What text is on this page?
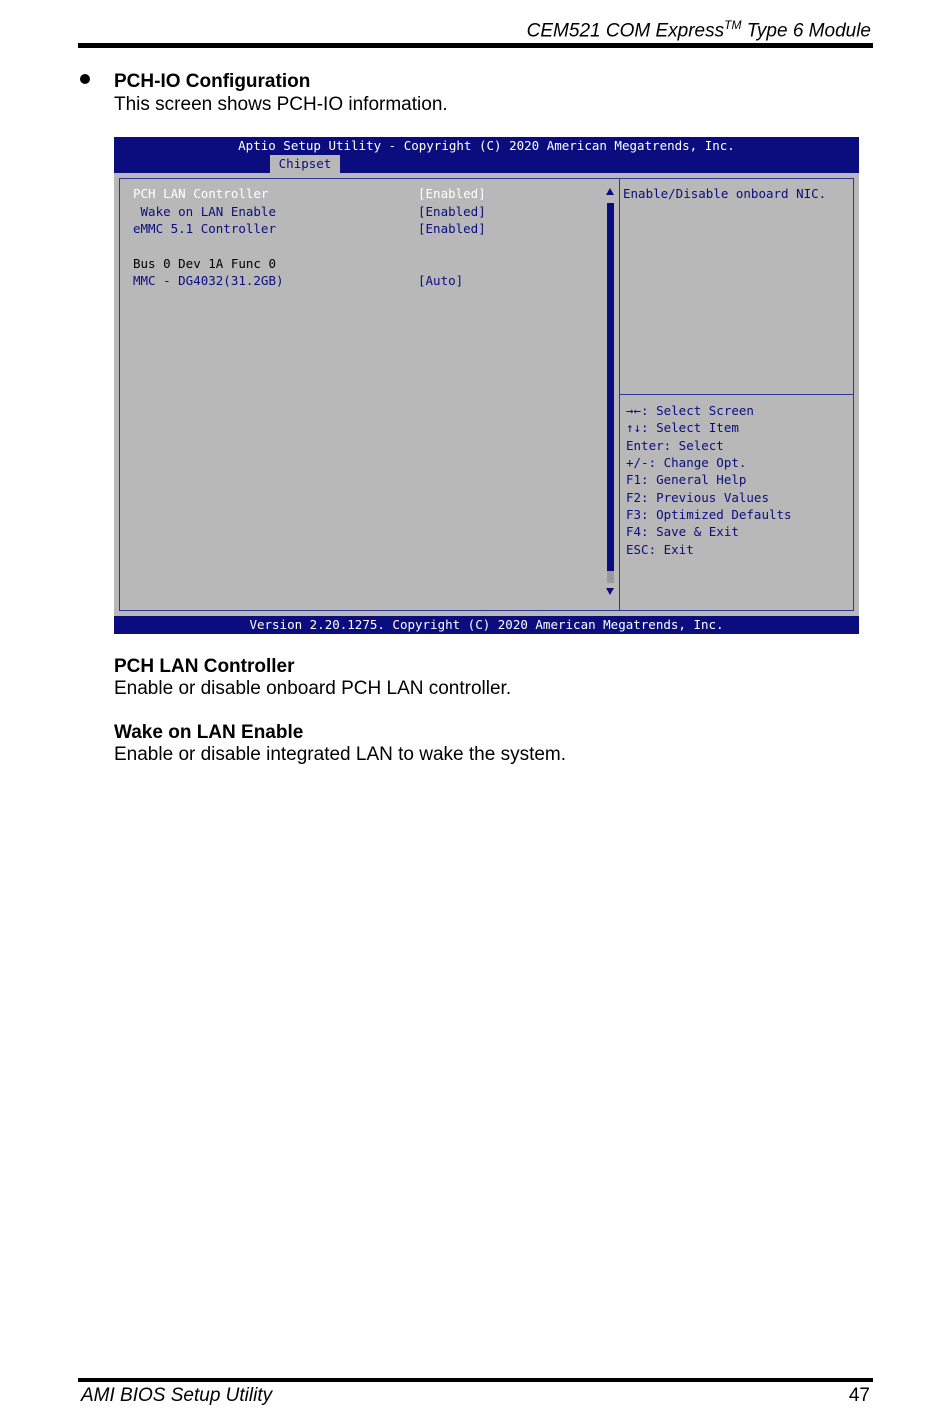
CEM521 COM Express™ Type 6 Module
PCH-IO Configuration
This screen shows PCH-IO information.
Aptio Setup Utility - Copyright (C) 2020 American Megatrends, Inc.
Chipset
PCH LAN Controller	[Enabled]
Wake on LAN Enable	[Enabled]
eMMC 5.1 Controller	[Enabled]
Bus 0 Dev 1A Func 0
MMC - DG4032(31.2GB)	[Auto]
Enable/Disable onboard NIC.
→←: Select Screen
↑↓: Select Item
Enter: Select
+/-: Change Opt.
F1: General Help
F2: Previous Values
F3: Optimized Defaults
F4: Save & Exit
ESC: Exit
Version 2.20.1275. Copyright (C) 2020 American Megatrends, Inc.
PCH LAN Controller
Enable or disable onboard PCH LAN controller.
Wake on LAN Enable
Enable or disable integrated LAN to wake the system.
AMI BIOS Setup Utility	47
